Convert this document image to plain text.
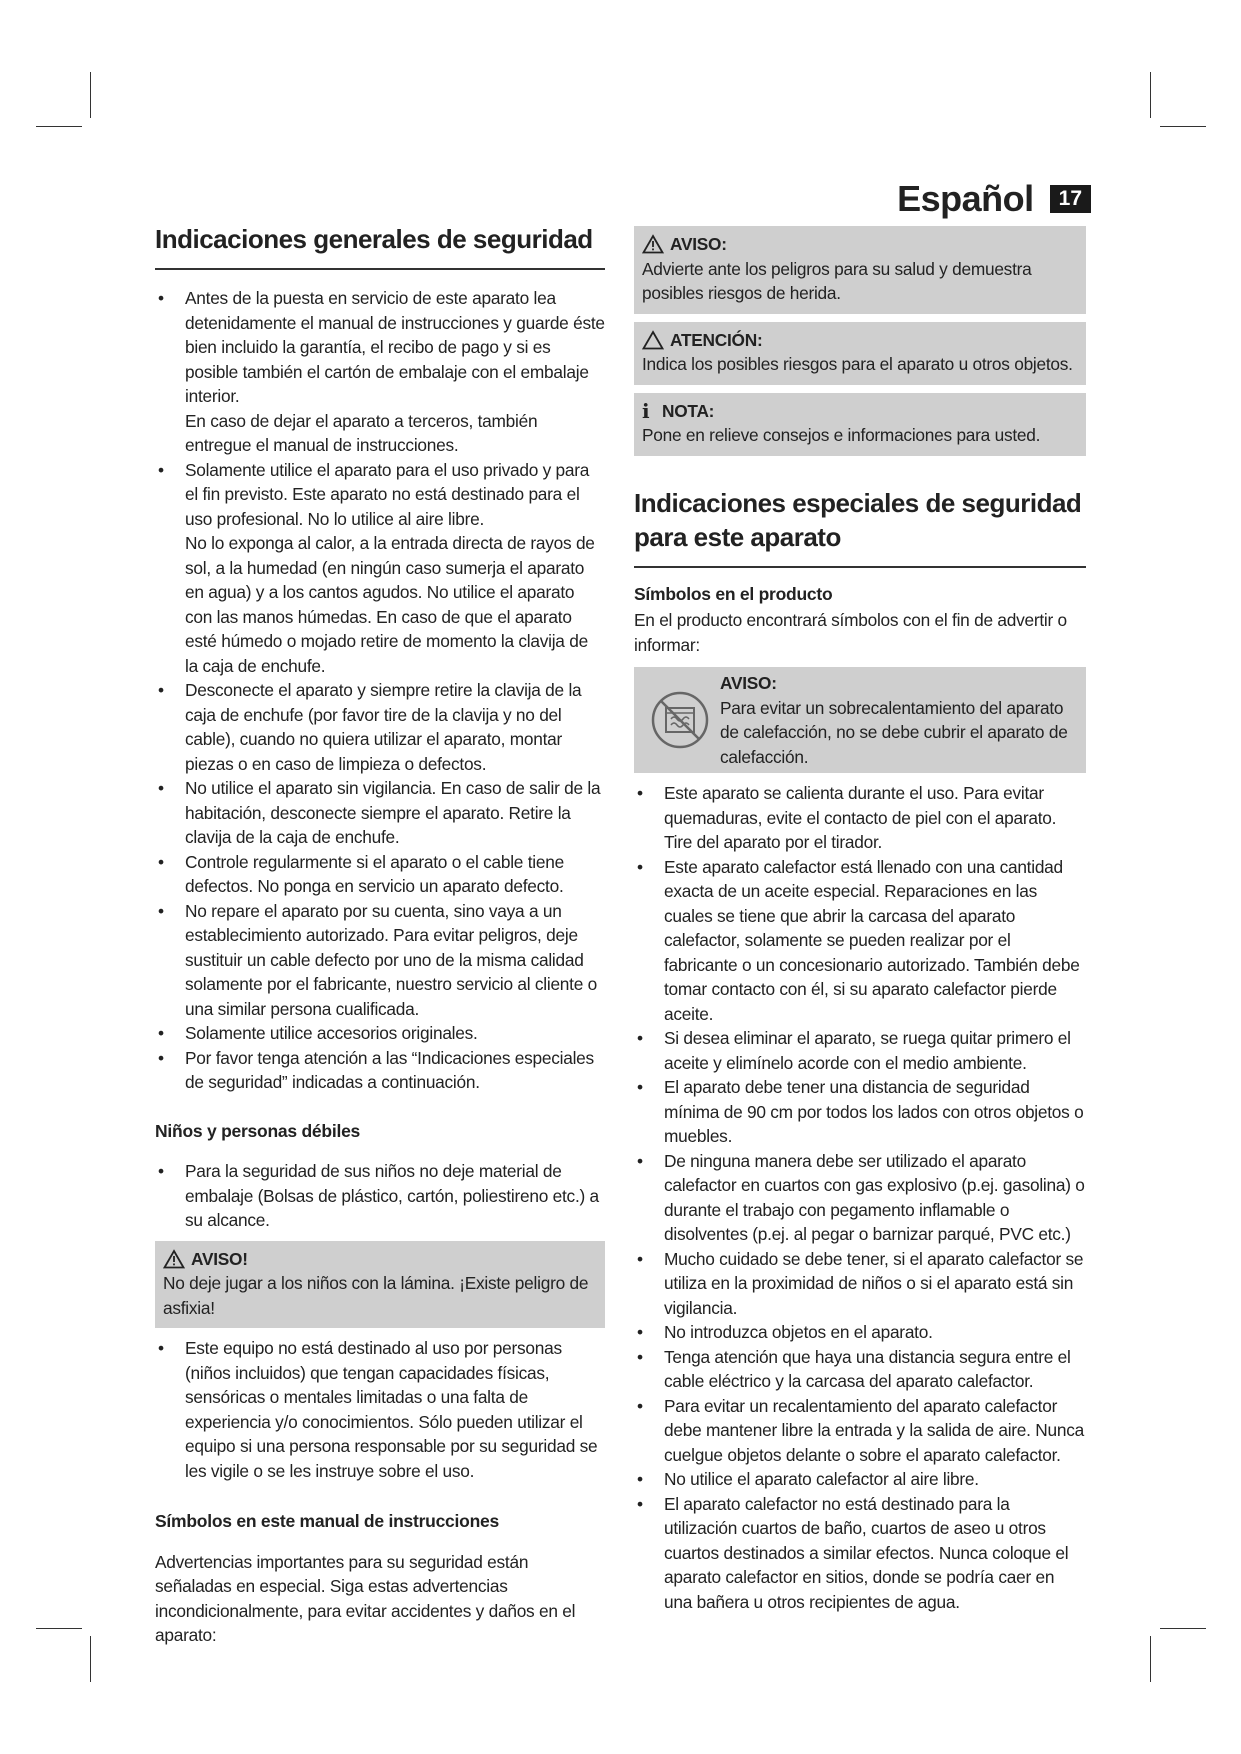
Español	17
Indicaciones generales de seguridad
• Antes de la puesta en servicio de este aparato lea detenidamente el manual de instrucciones y guarde éste bien incluido la garantía, el recibo de pago y si es posible también el cartón de embalaje con el embalaje interior.
En caso de dejar el aparato a terceros, también entregue el manual de instrucciones.
• Solamente utilice el aparato para el uso privado y para el fin previsto. Este aparato no está destinado para el uso profesional. No lo utilice al aire libre.
No lo exponga al calor, a la entrada directa de rayos de sol, a la humedad (en ningún caso sumerja el aparato en agua) y a los cantos agudos. No utilice el aparato con las manos húmedas. En caso de que el aparato esté húmedo o mojado retire de momento la clavija de la caja de enchufe.
• Desconecte el aparato y siempre retire la clavija de la caja de enchufe (por favor tire de la clavija y no del cable), cuando no quiera utilizar el aparato, montar piezas o en caso de limpieza o defectos.
• No utilice el aparato sin vigilancia. En caso de salir de la habitación, desconecte siempre el aparato. Retire la clavija de la caja de enchufe.
• Controle regularmente si el aparato o el cable tiene defectos. No ponga en servicio un aparato defecto.
• No repare el aparato por su cuenta, sino vaya a un establecimiento autorizado. Para evitar peligros, deje sustituir un cable defecto por uno de la misma calidad solamente por el fabricante, nuestro servicio al cliente o una similar persona cualificada.
• Solamente utilice accesorios originales.
• Por favor tenga atención a las “Indicaciones especiales de seguridad” indicadas a continuación.
Niños y personas débiles
• Para la seguridad de sus niños no deje material de embalaje (Bolsas de plástico, cartón, poliestireno etc.) a su alcance.
AVISO!

No deje jugar a los niños con la lámina. ¡Existe peligro de asfixia!

• Este equipo no está destinado al uso por personas (niños incluidos) que tengan capacidades físicas, sensóricas o mentales limitadas o una falta de experiencia y/o conocimientos. Sólo pueden utilizar el equipo si una persona responsable por su seguridad se les vigile o se les instruye sobre el uso.
Símbolos en este manual de instrucciones

Advertencias importantes para su seguridad están señaladas en especial. Siga estas advertencias incondicionalmente, para evitar accidentes y daños en el aparato:

AVISO:

Advierte ante los peligros para su salud y demuestra posibles riesgos de herida.

ATENCIÓN:

Indica los posibles riesgos para el aparato u otros objetos.

i NOTA:

Pone en relieve consejos e informaciones para usted.

Indicaciones especiales de seguridad para este aparato
Símbolos en el producto

En el producto encontrará símbolos con el fin de advertir o informar:

AVISO:

Para evitar un sobrecalentamiento del aparato de calefacción, no se debe cubrir el aparato de calefacción.

• Este aparato se calienta durante el uso. Para evitar quemaduras, evite el contacto de piel con el aparato.
Tire del aparato por el tirador.
• Este aparato calefactor está llenado con una cantidad exacta de un aceite especial. Reparaciones en las cuales se tiene que abrir la carcasa del aparato calefactor, solamente se pueden realizar por el fabricante o un concesionario autorizado. También debe tomar contacto con él, si su aparato calefactor pierde aceite.
• Si desea eliminar el aparato, se ruega quitar primero el aceite y elimínelo acorde con el medio ambiente.
• El aparato debe tener una distancia de seguridad mínima de 90 cm por todos los lados con otros objetos o muebles.
• De ninguna manera debe ser utilizado el aparato calefactor en cuartos con gas explosivo (p.ej. gasolina) o durante el trabajo con pegamento inflamable o disolventes (p.ej. al pegar o barnizar parqué, PVC etc.)
• Mucho cuidado se debe tener, si el aparato calefactor se utiliza en la proximidad de niños o si el aparato está sin vigilancia.
• No introduzca objetos en el aparato.
• Tenga atención que haya una distancia segura entre el cable eléctrico y la carcasa del aparato calefactor.
• Para evitar un recalentamiento del aparato calefactor debe mantener libre la entrada y la salida de aire. Nunca cuelgue objetos delante o sobre el aparato calefactor.
• No utilice el aparato calefactor al aire libre.
• El aparato calefactor no está destinado para la utilización cuartos de baño, cuartos de aseo u otros cuartos destinados a similar efectos. Nunca coloque el aparato calefactor en sitios, donde se podría caer en una bañera u otros recipientes de agua.
